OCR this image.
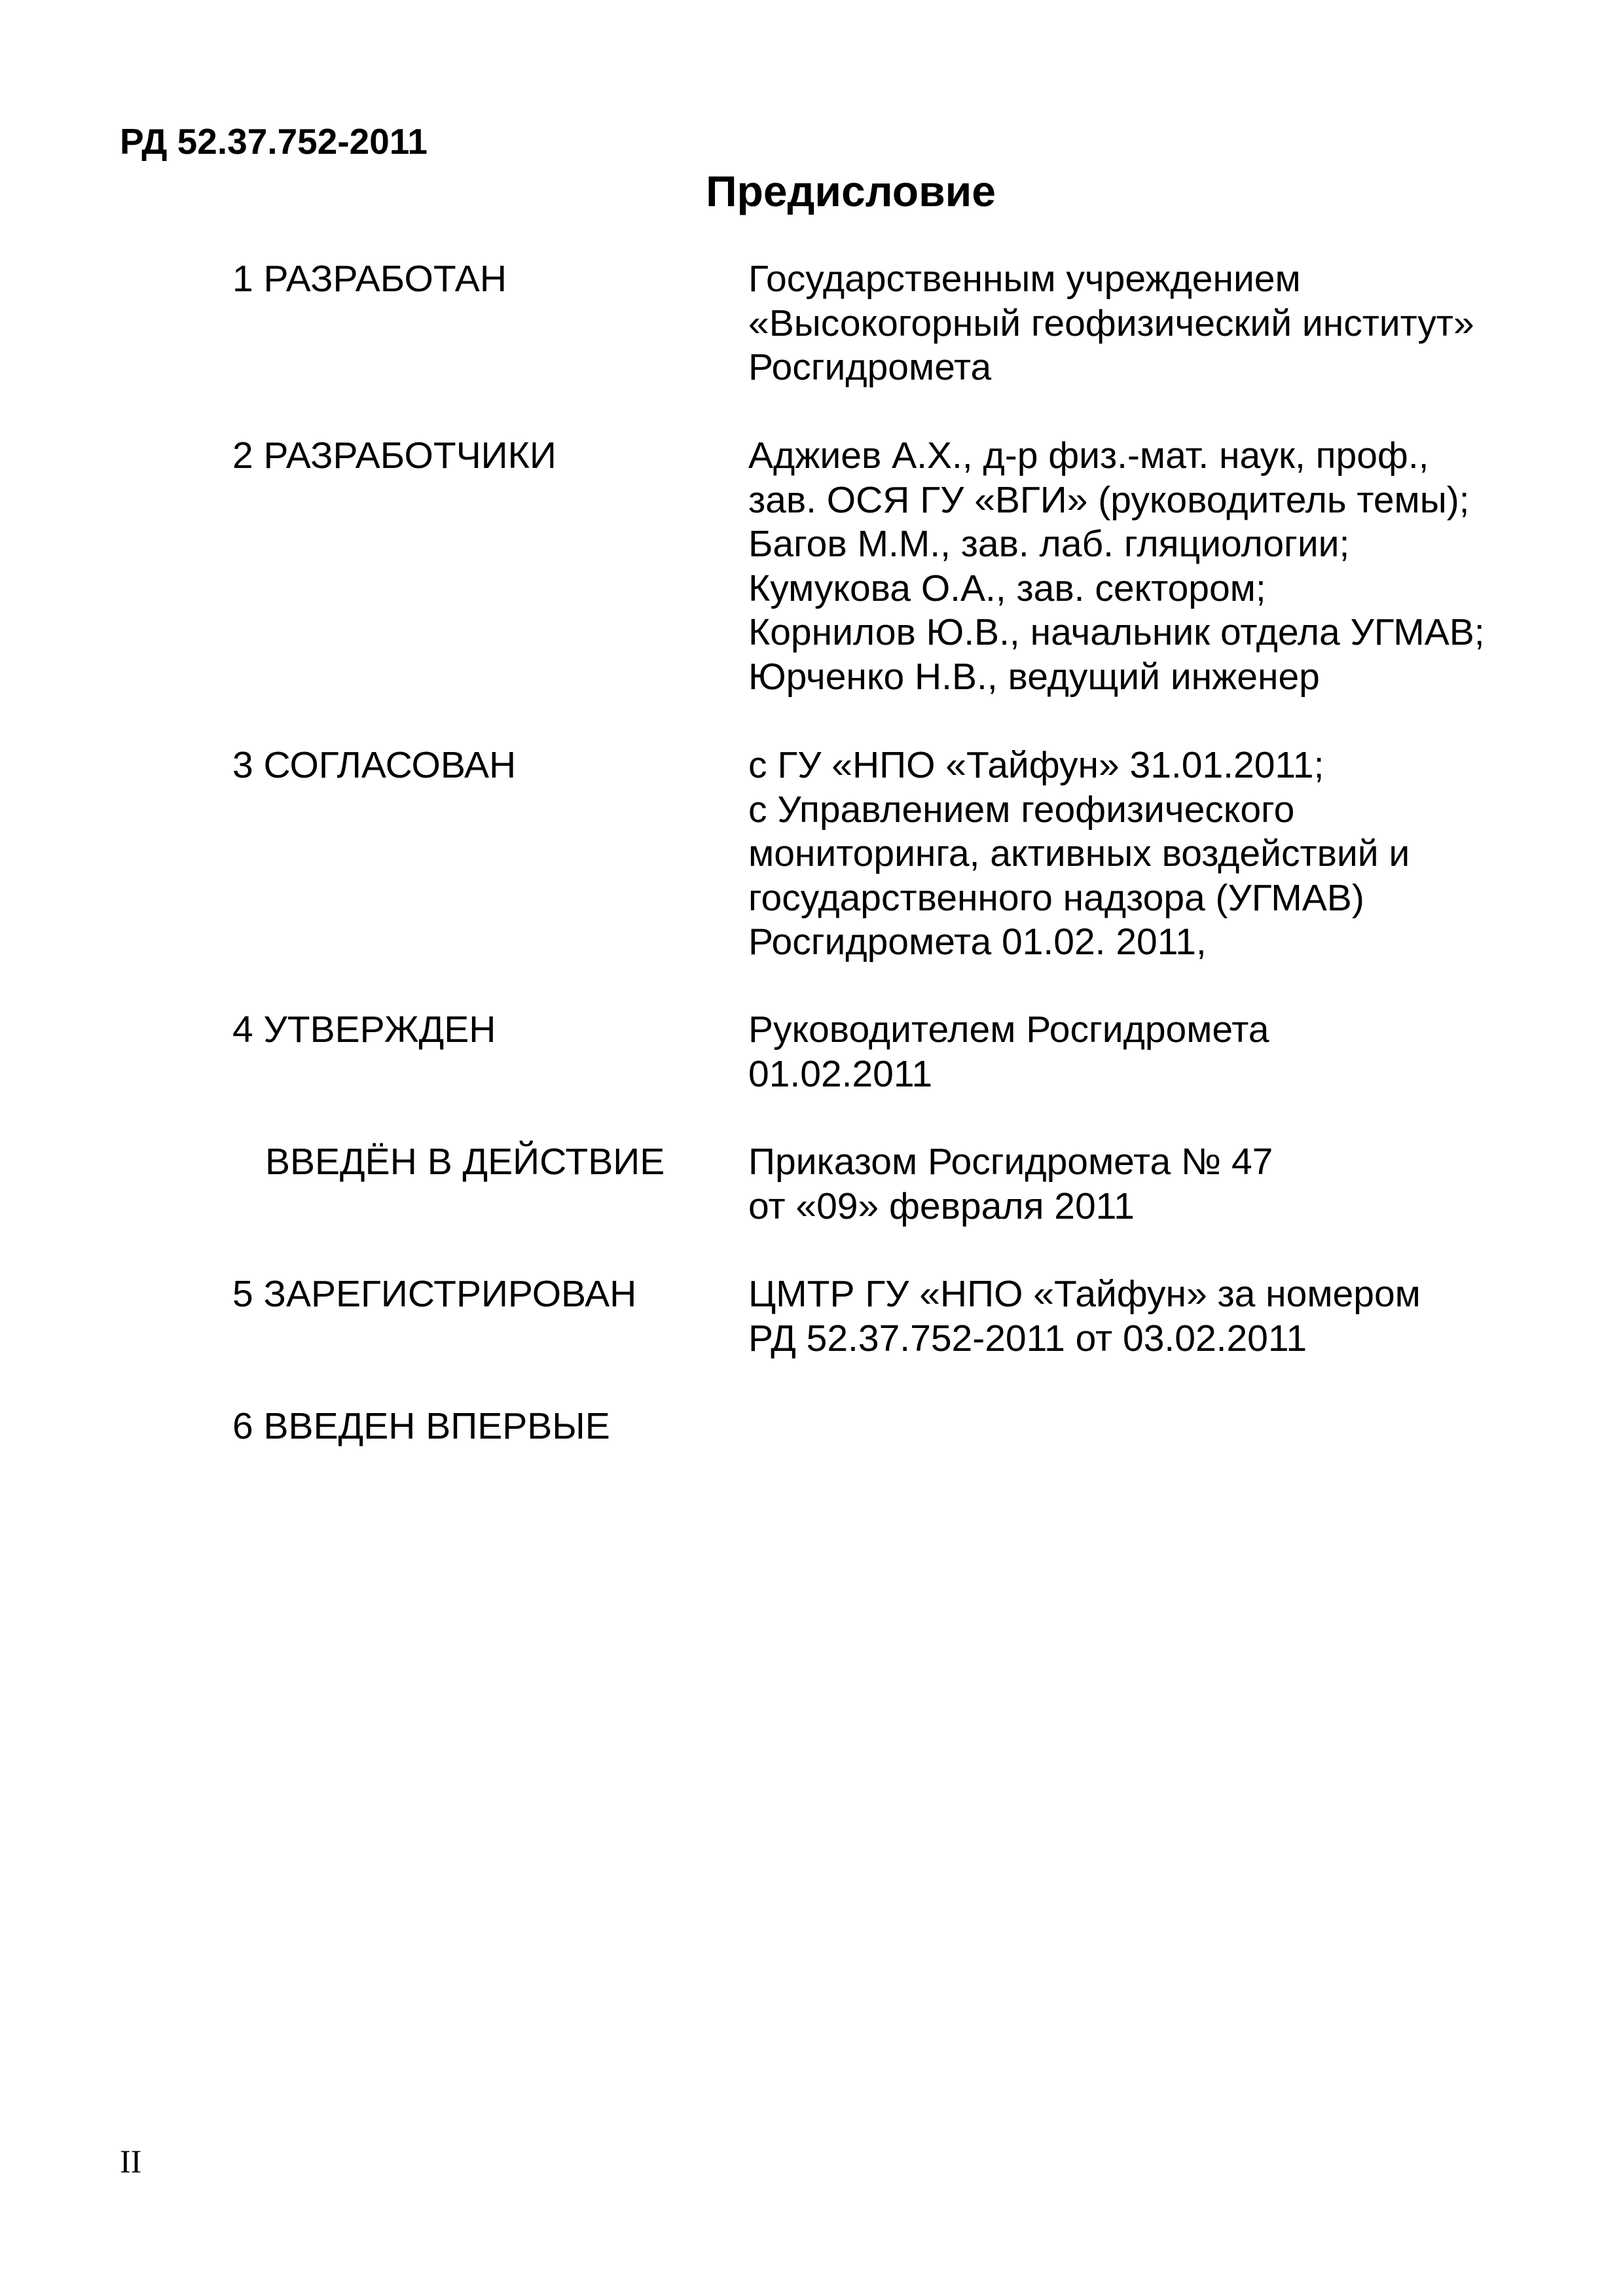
РД 52.37.752-2011
Предисловие
1 РАЗРАБОТАН	Государственным учреждением
«Высокогорный геофизический институт»
Росгидромета
2 РАЗРАБОТЧИКИ	Аджиев А.Х., д-р физ.-мат. наук, проф.,
зав. ОСЯ ГУ «ВГИ» (руководитель темы);
Багов М.М., зав. лаб. гляциологии;
Кумукова О.А., зав. сектором;
Корнилов Ю.В., начальник отдела УГМАВ;
Юрченко Н.В., ведущий инженер
3 СОГЛАСОВАН	с ГУ «НПО «Тайфун» 31.01.2011;
с Управлением геофизического
мониторинга, активных воздействий и
государственного надзора (УГМАВ)
Росгидромета 01.02. 2011,
4 УТВЕРЖДЕН	Руководителем Росгидромета
01.02.2011
ВВЕДЁН В ДЕЙСТВИЕ Приказом Росгидромета № 47
от «09» февраля 2011
5 ЗАРЕГИСТРИРОВАН	ЦМТР ГУ «НПО «Тайфун» за номером
РД 52.37.752-2011 от 03.02.2011
6 ВВЕДЕН ВПЕРВЫЕ
II
